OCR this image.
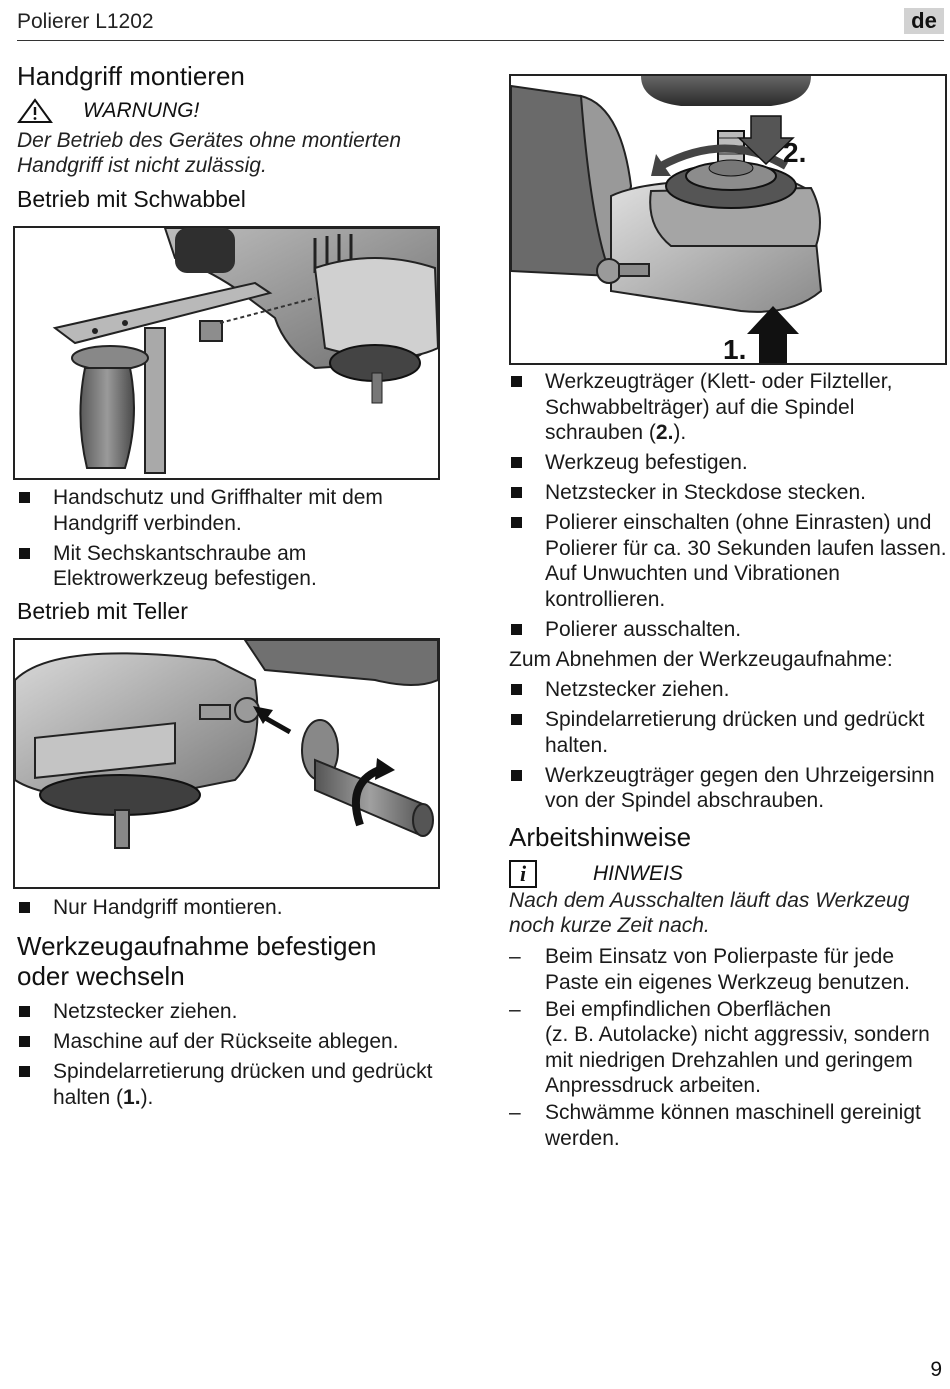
Polierer L1202	de
Handgriff montieren
WARNUNG!
Der Betrieb des Gerätes ohne montierten
Handgriff ist nicht zulässig.
Betrieb mit Schwabbel
Handschutz und Griffhalter mit dem
Handgriff verbinden.
Mit Sechskantschraube am
Elektrowerkzeug befestigen.
Betrieb mit Teller
Nur Handgriff montieren.
Werkzeugaufnahme befestigen
oder wechseln
Netzstecker ziehen.
Maschine auf der Rückseite ablegen.
Spindelarretierung drücken und gedrückt
halten (1.).
2.
1.
Werkzeugträger (Klett- oder Filzteller,
Schwabbelträger) auf die Spindel
schrauben (2.).
Werkzeug befestigen.
Netzstecker in Steckdose stecken.
Polierer einschalten (ohne Einrasten) und
Polierer für ca. 30 Sekunden laufen lassen.
Auf Unwuchten und Vibrationen
kontrollieren.
Polierer ausschalten.
Zum Abnehmen der Werkzeugaufnahme:
Netzstecker ziehen.
Spindelarretierung drücken und gedrückt
halten.
Werkzeugträger gegen den Uhrzeigersinn
von der Spindel abschrauben.
Arbeitshinweise
i	HINWEIS
Nach dem Ausschalten läuft das Werkzeug
noch kurze Zeit nach.
– Beim Einsatz von Polierpaste für jede
Paste ein eigenes Werkzeug benutzen.
– Bei empfindlichen Oberflächen
(z. B. Autolacke) nicht aggressiv, sondern
mit niedrigen Drehzahlen und geringem
Anpressdruck arbeiten.
– Schwämme können maschinell gereinigt
werden.
9
